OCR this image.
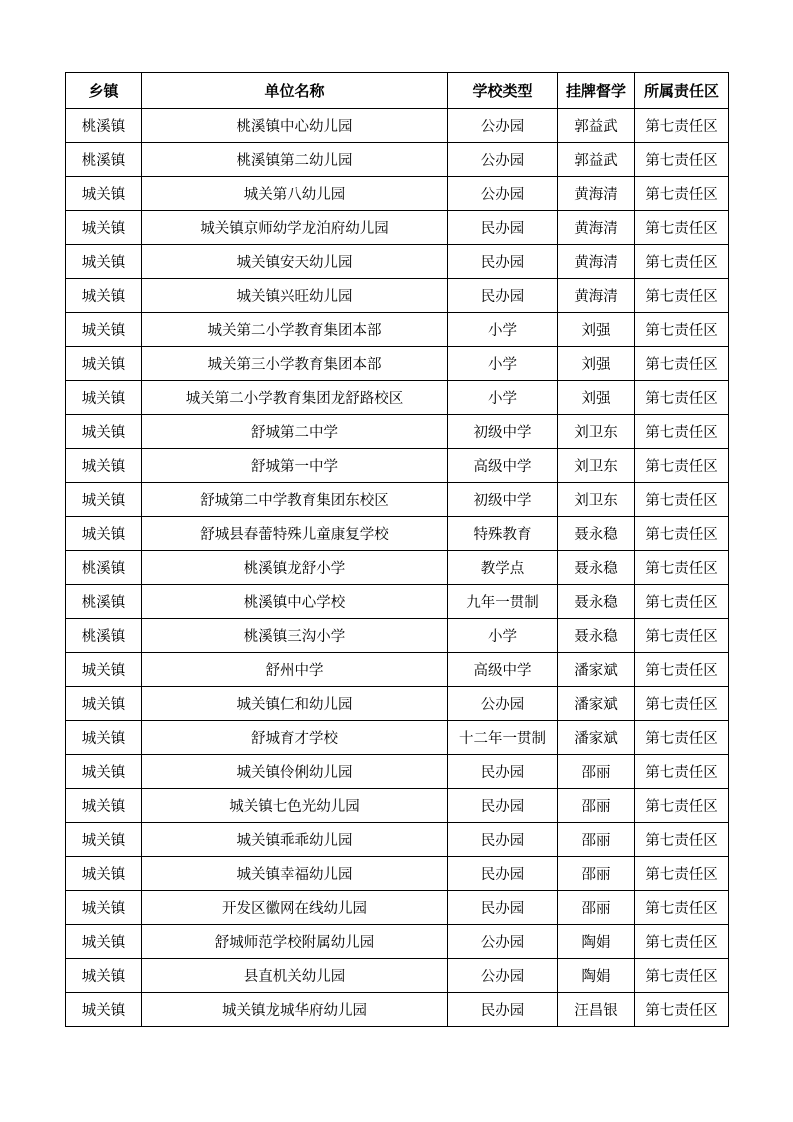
乡镇	单位名称	学校类型	挂牌督学	所属责任区
桃溪镇	桃溪镇中心幼儿园	公办园	郭益武	第七责任区
桃溪镇	桃溪镇第二幼儿园	公办园	郭益武	第七责任区
城关镇	城关第八幼儿园	公办园	黄海清	第七责任区
城关镇	城关镇京师幼学龙泊府幼儿园	民办园	黄海清	第七责任区
城关镇	城关镇安天幼儿园	民办园	黄海清	第七责任区
城关镇	城关镇兴旺幼儿园	民办园	黄海清	第七责任区
城关镇	城关第二小学教育集团本部	小学	刘强	第七责任区
城关镇	城关第三小学教育集团本部	小学	刘强	第七责任区
城关镇	城关第二小学教育集团龙舒路校区	小学	刘强	第七责任区
城关镇	舒城第二中学	初级中学	刘卫东	第七责任区
城关镇	舒城第一中学	高级中学	刘卫东	第七责任区
城关镇	舒城第二中学教育集团东校区	初级中学	刘卫东	第七责任区
城关镇	舒城县春蕾特殊儿童康复学校	特殊教育	聂永稳	第七责任区
桃溪镇	桃溪镇龙舒小学	教学点	聂永稳	第七责任区
桃溪镇	桃溪镇中心学校	九年一贯制	聂永稳	第七责任区
桃溪镇	桃溪镇三沟小学	小学	聂永稳	第七责任区
城关镇	舒州中学	高级中学	潘家斌	第七责任区
城关镇	城关镇仁和幼儿园	公办园	潘家斌	第七责任区
城关镇	舒城育才学校	十二年一贯制	潘家斌	第七责任区
城关镇	城关镇伶俐幼儿园	民办园	邵丽	第七责任区
城关镇	城关镇七色光幼儿园	民办园	邵丽	第七责任区
城关镇	城关镇乖乖幼儿园	民办园	邵丽	第七责任区
城关镇	城关镇幸福幼儿园	民办园	邵丽	第七责任区
城关镇	开发区徽网在线幼儿园	民办园	邵丽	第七责任区
城关镇	舒城师范学校附属幼儿园	公办园	陶娟	第七责任区
城关镇	县直机关幼儿园	公办园	陶娟	第七责任区
城关镇	城关镇龙城华府幼儿园	民办园	汪昌银	第七责任区
